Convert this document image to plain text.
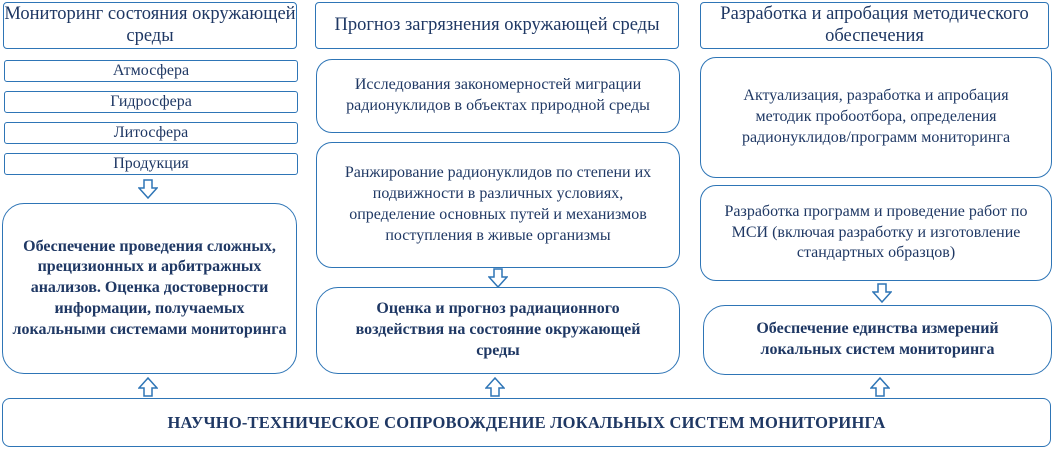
Мониторинг состояния окружающей среды
Атмосфера
Гидросфера
Литосфера
Продукция
Обеспечение проведения сложных, прецизионных и арбитражных анализов. Оценка достоверности информации, получаемых локальными системами мониторинга
Прогноз загрязнения окружающей среды
Исследования закономерностей миграции радионуклидов в объектах природной среды
Ранжирование радионуклидов по степени их подвижности в различных условиях, определение основных путей и механизмов поступления в живые организмы
Оценка и прогноз радиационного воздействия на состояние окружающей среды
Разработка и апробация методического обеспечения
Актуализация, разработка и апробация методик пробоотбора, определения радионуклидов/программ мониторинга
Разработка программ и проведение работ по МСИ (включая разработку и изготовление стандартных образцов)
Обеспечение единства измерений локальных систем мониторинга
НАУЧНО-ТЕХНИЧЕСКОЕ СОПРОВОЖДЕНИЕ ЛОКАЛЬНЫХ СИСТЕМ МОНИТОРИНГА
